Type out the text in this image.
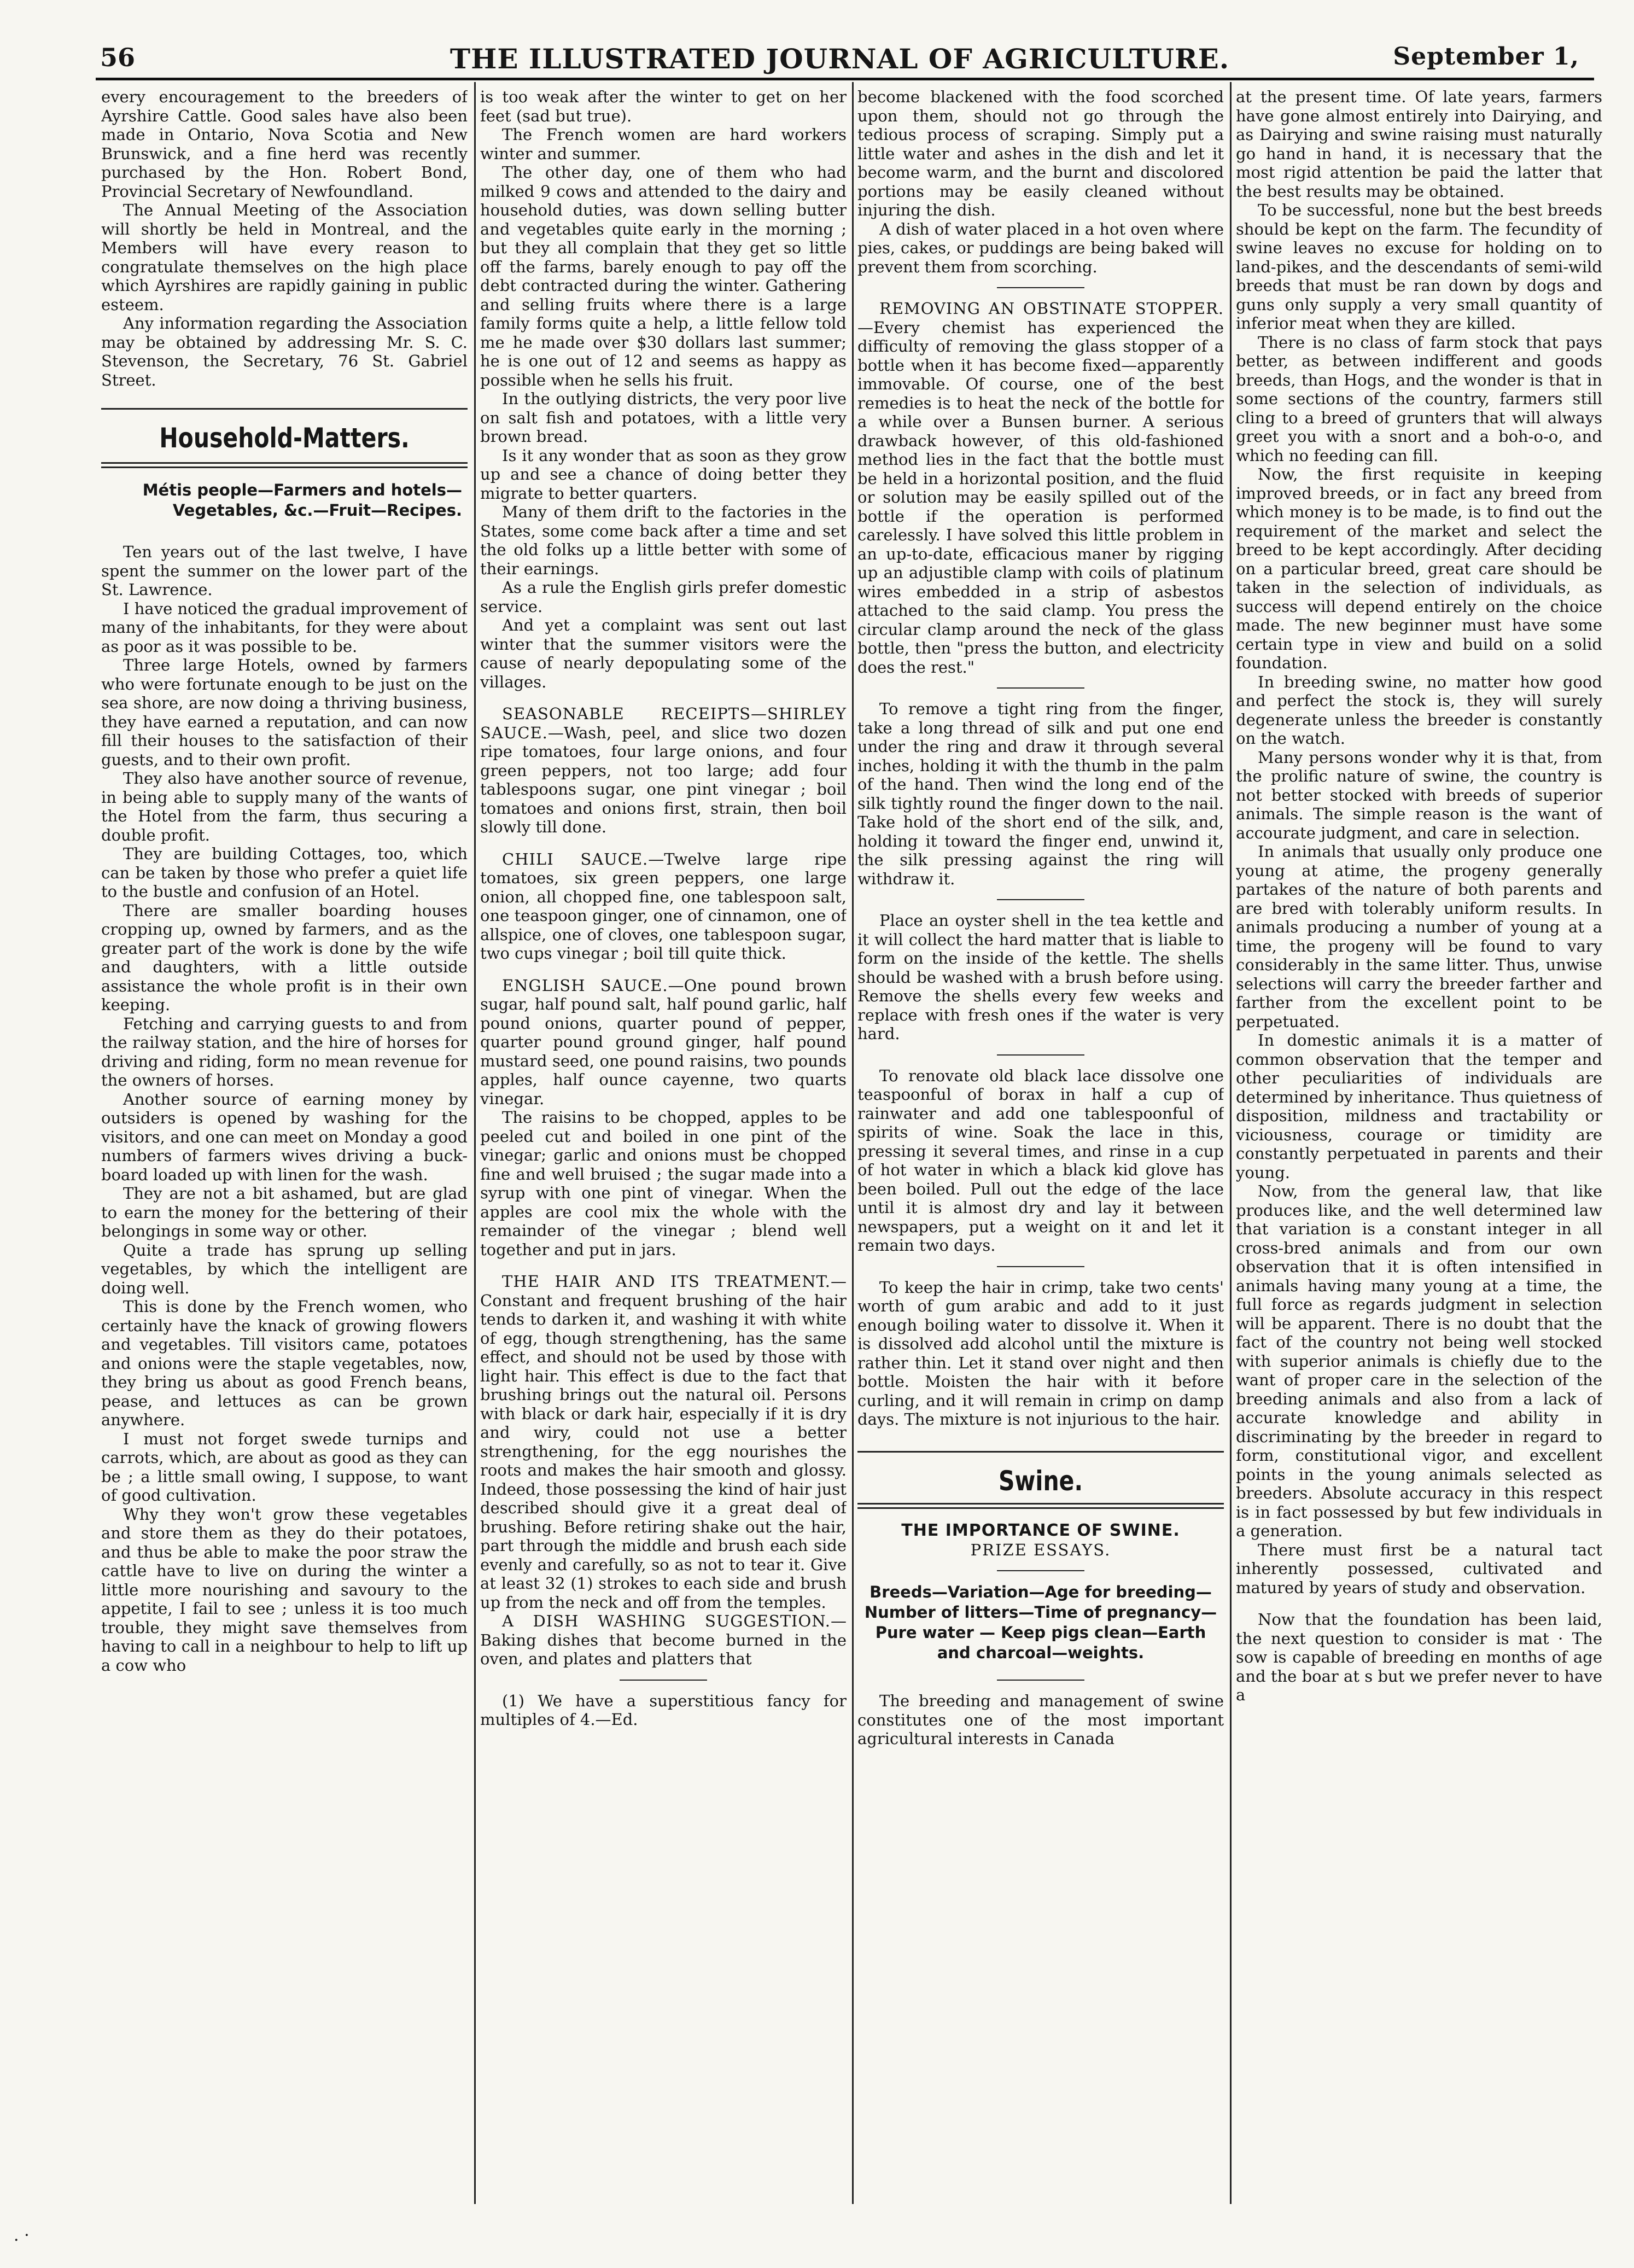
56	THE ILLUSTRATED JOURNAL OF AGRICULTURE.	September 1,

every encouragement to the breeders of Ayrshire Cattle. Good sales have also been made in Ontario, Nova Scotia and New Brunswick, and a fine herd was recently purchased by the Hon. Robert Bond, Provincial Secretary of Newfoundland.

The Annual Meeting of the Association will shortly be held in Montreal, and the Members will have every reason to congratulate themselves on the high place which Ayrshires are rapidly gaining in public esteem.

Any information regarding the Association may be obtained by addressing Mr. S. C. Stevenson, the Secretary, 76 St. Gabriel Street.

Household-Matters.
Métis people—Farmers and hotels—Vegetables, &c.—Fruit—Recipes.

Ten years out of the last twelve, I have spent the summer on the lower part of the St. Lawrence.

I have noticed the gradual improvement of many of the inhabitants, for they were about as poor as it was possible to be.

Three large Hotels, owned by farmers who were fortunate enough to be just on the sea shore, are now doing a thriving business, they have earned a reputation, and can now fill their houses to the satisfaction of their guests, and to their own profit.

They also have another source of revenue, in being able to supply many of the wants of the Hotel from the farm, thus securing a double profit.

They are building Cottages, too, which can be taken by those who prefer a quiet life to the bustle and confusion of an Hotel.

There are smaller boarding houses cropping up, owned by farmers, and as the greater part of the work is done by the wife and daughters, with a little outside assistance the whole profit is in their own keeping.

Fetching and carrying guests to and from the railway station, and the hire of horses for driving and riding, form no mean revenue for the owners of horses.

Another source of earning money by outsiders is opened by washing for the visitors, and one can meet on Monday a good numbers of farmers wives driving a buck-board loaded up with linen for the wash.

They are not a bit ashamed, but are glad to earn the money for the bettering of their belongings in some way or other.

Quite a trade has sprung up selling vegetables, by which the intelligent are doing well.

This is done by the French women, who certainly have the knack of growing flowers and vegetables. Till visitors came, potatoes and onions were the staple vegetables, now, they bring us about as good French beans, pease, and lettuces as can be grown anywhere.

I must not forget swede turnips and carrots, which, are about as good as they can be ; a little small owing, I suppose, to want of good cultivation.

Why they won't grow these vegetables and store them as they do their potatoes, and thus be able to make the poor straw the cattle have to live on during the winter a little more nourishing and savoury to the appetite, I fail to see ; unless it is too much trouble, they might save themselves from having to call in a neighbour to help to lift up a cow who

is too weak after the winter to get on her feet (sad but true).

The French women are hard workers winter and summer.

The other day, one of them who had milked 9 cows and attended to the dairy and household duties, was down selling butter and vegetables quite early in the morning ; but they all complain that they get so little off the farms, barely enough to pay off the debt contracted during the winter. Gathering and selling fruits where there is a large family forms quite a help, a little fellow told me he made over $30 dollars last summer; he is one out of 12 and seems as happy as possible when he sells his fruit.

In the outlying districts, the very poor live on salt fish and potatoes, with a little very brown bread.

Is it any wonder that as soon as they grow up and see a chance of doing better they migrate to better quarters.

Many of them drift to the factories in the States, some come back after a time and set the old folks up a little better with some of their earnings.

As a rule the English girls prefer domestic service.

And yet a complaint was sent out last winter that the summer visitors were the cause of nearly depopulating some of the villages.

SEASONABLE RECEIPTS—SHIRLEY SAUCE.—Wash, peel, and slice two dozen ripe tomatoes, four large onions, and four green peppers, not too large; add four tablespoons sugar, one pint vinegar ; boil tomatoes and onions first, strain, then boil slowly till done.

CHILI SAUCE.—Twelve large ripe tomatoes, six green peppers, one large onion, all chopped fine, one tablespoon salt, one teaspoon ginger, one of cinnamon, one of allspice, one of cloves, one tablespoon sugar, two cups vinegar ; boil till quite thick.

ENGLISH SAUCE.—One pound brown sugar, half pound salt, half pound garlic, half pound onions, quarter pound of pepper, quarter pound ground ginger, half pound mustard seed, one pound raisins, two pounds apples, half ounce cayenne, two quarts vinegar.

The raisins to be chopped, apples to be peeled cut and boiled in one pint of the vinegar; garlic and onions must be chopped fine and well bruised ; the sugar made into a syrup with one pint of vinegar. When the apples are cool mix the whole with the remainder of the vinegar ; blend well together and put in jars.

THE HAIR AND ITS TREATMENT.—Constant and frequent brushing of the hair tends to darken it, and washing it with white of egg, though strengthening, has the same effect, and should not be used by those with light hair. This effect is due to the fact that brushing brings out the natural oil. Persons with black or dark hair, especially if it is dry and wiry, could not use a better strengthening, for the egg nourishes the roots and makes the hair smooth and glossy. Indeed, those possessing the kind of hair just described should give it a great deal of brushing. Before retiring shake out the hair, part through the middle and brush each side evenly and carefully, so as not to tear it. Give at least 32 (1) strokes to each side and brush up from the neck and off from the temples.

A DISH WASHING SUGGESTION.—Baking dishes that become burned in the oven, and plates and platters that

(1) We have a superstitious fancy for multiples of 4.—Ed.

become blackened with the food scorched upon them, should not go through the tedious process of scraping. Simply put a little water and ashes in the dish and let it become warm, and the burnt and discolored portions may be easily cleaned without injuring the dish.

A dish of water placed in a hot oven where pies, cakes, or puddings are being baked will prevent them from scorching.

REMOVING AN OBSTINATE STOPPER.—Every chemist has experienced the difficulty of removing the glass stopper of a bottle when it has become fixed—apparently immovable. Of course, one of the best remedies is to heat the neck of the bottle for a while over a Bunsen burner. A serious drawback however, of this old-fashioned method lies in the fact that the bottle must be held in a horizontal position, and the fluid or solution may be easily spilled out of the bottle if the operation is performed carelessly. I have solved this little problem in an up-to-date, efficacious maner by rigging up an adjustible clamp with coils of platinum wires embedded in a strip of asbestos attached to the said clamp. You press the circular clamp around the neck of the glass bottle, then "press the button, and electricity does the rest."

To remove a tight ring from the finger, take a long thread of silk and put one end under the ring and draw it through several inches, holding it with the thumb in the palm of the hand. Then wind the long end of the silk tightly round the finger down to the nail. Take hold of the short end of the silk, and, holding it toward the finger end, unwind it, the silk pressing against the ring will withdraw it.

Place an oyster shell in the tea kettle and it will collect the hard matter that is liable to form on the inside of the kettle. The shells should be washed with a brush before using. Remove the shells every few weeks and replace with fresh ones if the water is very hard.

To renovate old black lace dissolve one teaspoonful of borax in half a cup of rainwater and add one tablespoonful of spirits of wine. Soak the lace in this, pressing it several times, and rinse in a cup of hot water in which a black kid glove has been boiled. Pull out the edge of the lace until it is almost dry and lay it between newspapers, put a weight on it and let it remain two days.

To keep the hair in crimp, take two cents' worth of gum arabic and add to it just enough boiling water to dissolve it. When it is dissolved add alcohol until the mixture is rather thin. Let it stand over night and then bottle. Moisten the hair with it before curling, and it will remain in crimp on damp days. The mixture is not injurious to the hair.

Swine.
THE IMPORTANCE OF SWINE.
PRIZE ESSAYS.
Breeds—Variation—Age for breeding—Number of litters—Time of pregnancy—Pure water — Keep pigs clean—Earth and charcoal—weights.

The breeding and management of swine constitutes one of the most important agricultural interests in Canada

at the present time. Of late years, farmers have gone almost entirely into Dairying, and as Dairying and swine raising must naturally go hand in hand, it is necessary that the most rigid attention be paid the latter that the best results may be obtained.

To be successful, none but the best breeds should be kept on the farm. The fecundity of swine leaves no excuse for holding on to land-pikes, and the descendants of semi-wild breeds that must be ran down by dogs and guns only supply a very small quantity of inferior meat when they are killed.

There is no class of farm stock that pays better, as between indifferent and goods breeds, than Hogs, and the wonder is that in some sections of the country, farmers still cling to a breed of grunters that will always greet you with a snort and a boh-o-o, and which no feeding can fill.

Now, the first requisite in keeping improved breeds, or in fact any breed from which money is to be made, is to find out the requirement of the market and select the breed to be kept accordingly. After deciding on a particular breed, great care should be taken in the selection of individuals, as success will depend entirely on the choice made. The new beginner must have some certain type in view and build on a solid foundation.

In breeding swine, no matter how good and perfect the stock is, they will surely degenerate unless the breeder is constantly on the watch.

Many persons wonder why it is that, from the prolific nature of swine, the country is not better stocked with breeds of superior animals. The simple reason is the want of accourate judgment, and care in selection.

In animals that usually only produce one young at atime, the progeny generally partakes of the nature of both parents and are bred with tolerably uniform results. In animals producing a number of young at a time, the progeny will be found to vary considerably in the same litter. Thus, unwise selections will carry the breeder farther and farther from the excellent point to be perpetuated.

In domestic animals it is a matter of common observation that the temper and other peculiarities of individuals are determined by inheritance. Thus quietness of disposition, mildness and tractability or viciousness, courage or timidity are constantly perpetuated in parents and their young.

Now, from the general law, that like produces like, and the well determined law that variation is a constant integer in all cross-bred animals and from our own observation that it is often intensified in animals having many young at a time, the full force as regards judgment in selection will be apparent. There is no doubt that the fact of the country not being well stocked with superior animals is chiefly due to the want of proper care in the selection of the breeding animals and also from a lack of accurate knowledge and ability in discriminating by the breeder in regard to form, constitutional vigor, and excellent points in the young animals selected as breeders. Absolute accuracy in this respect is in fact possessed by but few individuals in a generation.

There must first be a natural tact inherently possessed, cultivated and matured by years of study and observation.

Now that the foundation has been laid, the next question to consider is mat · The sow is capable of breeding en months of age and the boar at s but we prefer never to have a

. ·
